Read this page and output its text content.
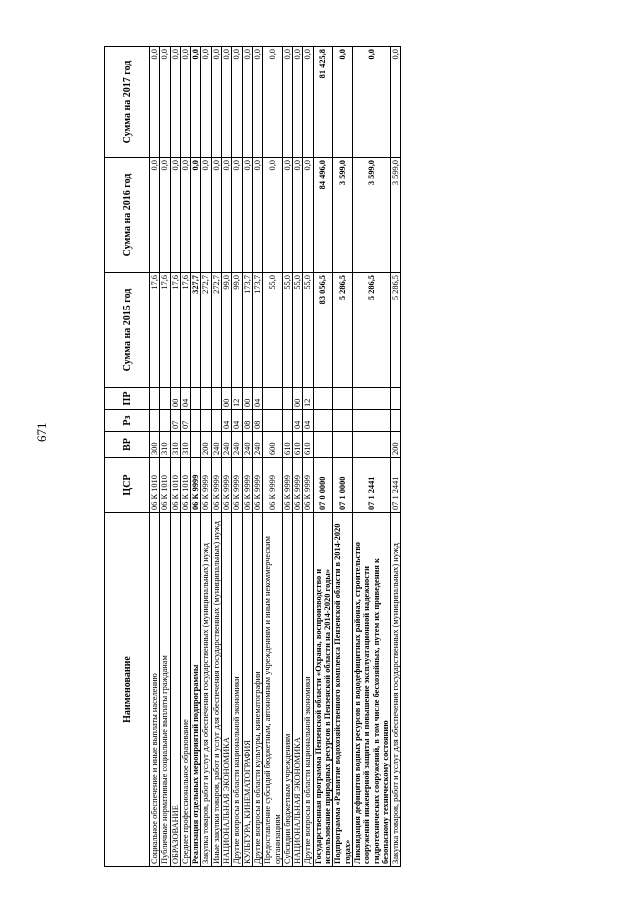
671
Наименование	ЦСР	ВР	Рз	ПР	Сумма на 2015 год	Сумма на 2016 год	Сумма на 2017 год
Социальное обеспечение и иные выплаты населению	06 К 1010	300			17,6	0,0	0,0
Публичные нормативные социальные выплаты гражданам	06 К 1010	310			17,6	0,0	0,0
ОБРАЗОВАНИЕ	06 К 1010	310	07	00	17,6	0,0	0,0
Среднее профессиональное образование	06 К 1010	310	07	04	17,6	0,0	0,0
Реализация отдельных мероприятий подпрограммы	06 К 9999				327,7	0,0	0,0
Закупка товаров, работ и услуг для обеспечения государственных (муниципальных) нужд	06 К 9999	200			272,7	0,0	0,0
Иные закупки товаров, работ и услуг для обеспечения государственных (муниципальных) нужд	06 К 9999	240			272,7	0,0	0,0
НАЦИОНАЛЬНАЯ ЭКОНОМИКА	06 К 9999	240	04	00	99,0	0,0	0,0
Другие вопросы в области национальной экономики	06 К 9999	240	04	12	99,0	0,0	0,0
КУЛЬТУРА, КИНЕМАТОГРАФИЯ	06 К 9999	240	08	00	173,7	0,0	0,0
Другие вопросы в области культуры, кинематографии	06 К 9999	240	08	04	173,7	0,0	0,0
Предоставление субсидий бюджетным, автономным учреждениям и иным некоммерческим организациям	06 К 9999	600			55,0	0,0	0,0
Субсидии бюджетным учреждениям	06 К 9999	610			55,0	0,0	0,0
НАЦИОНАЛЬНАЯ ЭКОНОМИКА	06 К 9999	610	04	00	55,0	0,0	0,0
Другие вопросы в области национальной экономики	06 К 9999	610	04	12	55,0	0,0	0,0
Государственная программа Пензенской области «Охрана, воспроизводство и использование природных ресурсов в Пензенской области на 2014-2020 годы»	07 0 0000				83 056,5	84 496,0	81 425,8
Подпрограмма «Развитие водохозяйственного комплекса Пензенской области в 2014-2020 годах»	07 1 0000				5 286,5	3 599,0	0,0
Ликвидация дефицитов водных ресурсов в вододефицитных районах, строительство сооружений инженерной защиты и повышение эксплуатационной надежности гидротехнических сооружений, в том числе бесхозяйных, путем их приведения к безопасному техническому состоянию	07 1 2441				5 286,5	3 599,0	0,0
Закупка товаров, работ и услуг для обеспечения государственных (муниципальных) нужд	07 1 2441	200			5 286,5	3 599,0	0,0
